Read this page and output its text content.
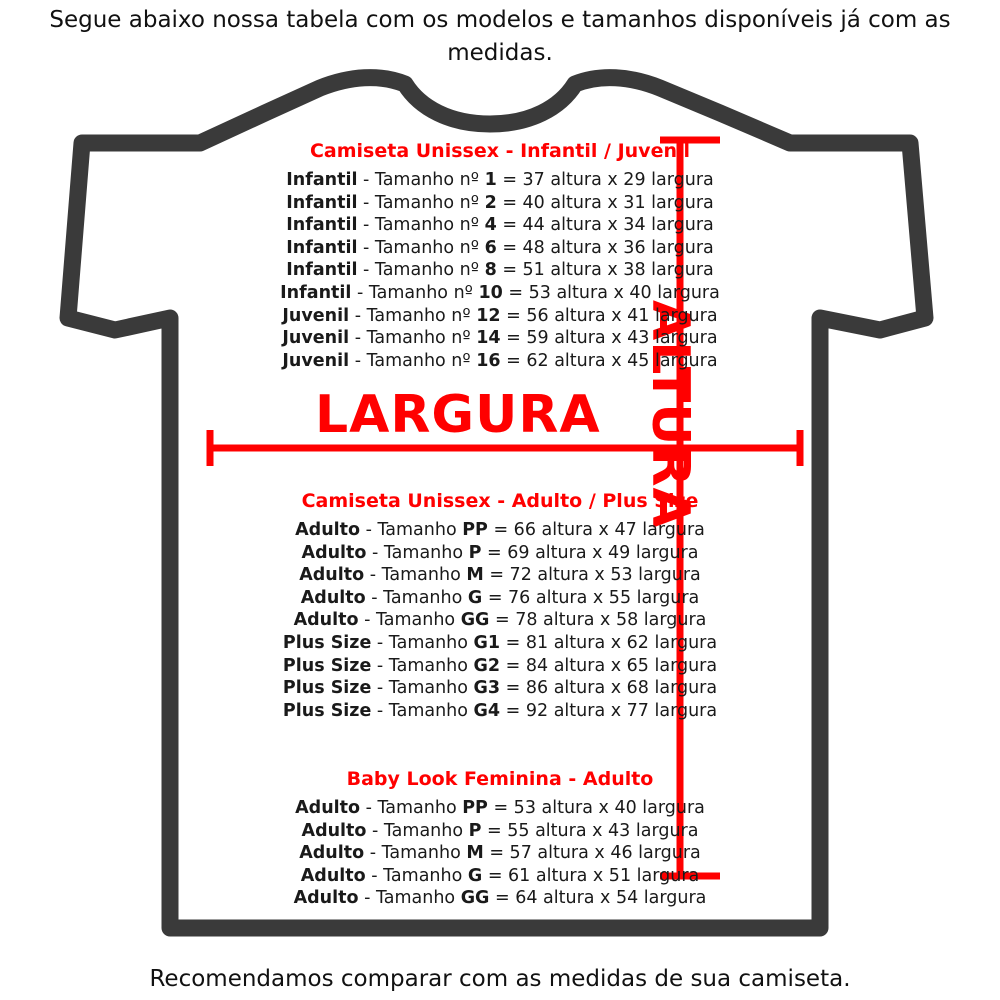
Segue abaixo nossa tabela com os modelos e tamanhos disponíveis já com as medidas.
LARGURA ALTURA
Camiseta Unissex - Infantil / Juvenil
Infantil - Tamanho nº 1 = 37 altura x 29 largura
Infantil - Tamanho nº 2 = 40 altura x 31 largura
Infantil - Tamanho nº 4 = 44 altura x 34 largura
Infantil - Tamanho nº 6 = 48 altura x 36 largura
Infantil - Tamanho nº 8 = 51 altura x 38 largura
Infantil - Tamanho nº 10 = 53 altura x 40 largura
Juvenil - Tamanho nº 12 = 56 altura x 41 largura
Juvenil - Tamanho nº 14 = 59 altura x 43 largura
Juvenil - Tamanho nº 16 = 62 altura x 45 largura
Camiseta Unissex - Adulto / Plus Size
Adulto - Tamanho PP = 66 altura x 47 largura
Adulto - Tamanho P = 69 altura x 49 largura
Adulto - Tamanho M = 72 altura x 53 largura
Adulto - Tamanho G = 76 altura x 55 largura
Adulto - Tamanho GG = 78 altura x 58 largura
Plus Size - Tamanho G1 = 81 altura x 62 largura
Plus Size - Tamanho G2 = 84 altura x 65 largura
Plus Size - Tamanho G3 = 86 altura x 68 largura
Plus Size - Tamanho G4 = 92 altura x 77 largura
Baby Look Feminina - Adulto
Adulto - Tamanho PP = 53 altura x 40 largura
Adulto - Tamanho P = 55 altura x 43 largura
Adulto - Tamanho M = 57 altura x 46 largura
Adulto - Tamanho G = 61 altura x 51 largura
Adulto - Tamanho GG = 64 altura x 54 largura
Recomendamos comparar com as medidas de sua camiseta.
